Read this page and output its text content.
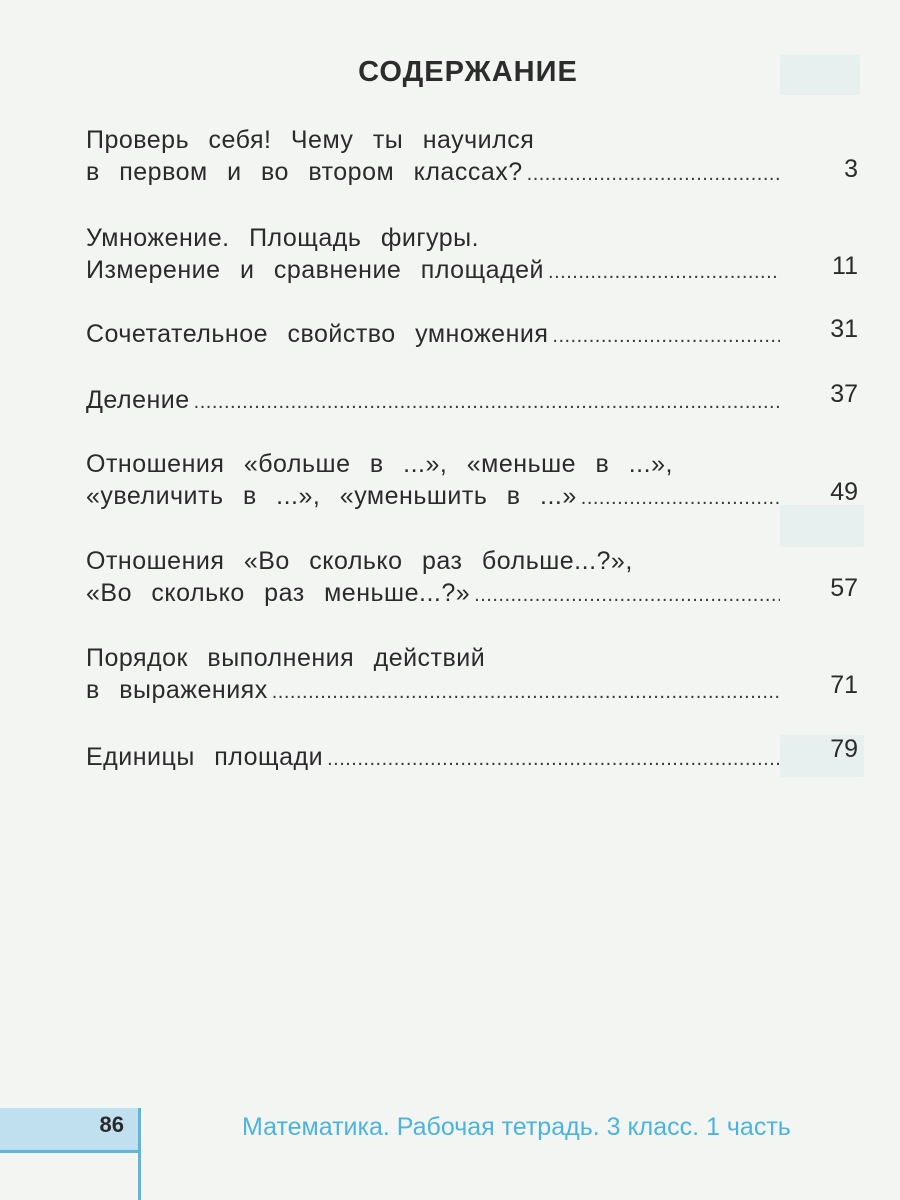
СОДЕРЖАНИЕ
Проверь себя! Чему ты научился
в первом и во втором классах? .....	3
Умножение. Площадь фигуры.
Измерение и сравнение площадей .....	11
Сочетательное свойство умножения .....	31
Деление .....	37
Отношения «больше в ...», «меньше в ...»,
«увеличить в ...», «уменьшить в ...» .....	49
Отношения «Во сколько раз больше...?»,
«Во сколько раз меньше...?» .....	57
Порядок выполнения действий
в выражениях .....	71
Единицы площади .....	79
86	Математика. Рабочая тетрадь. 3 класс. 1 часть
